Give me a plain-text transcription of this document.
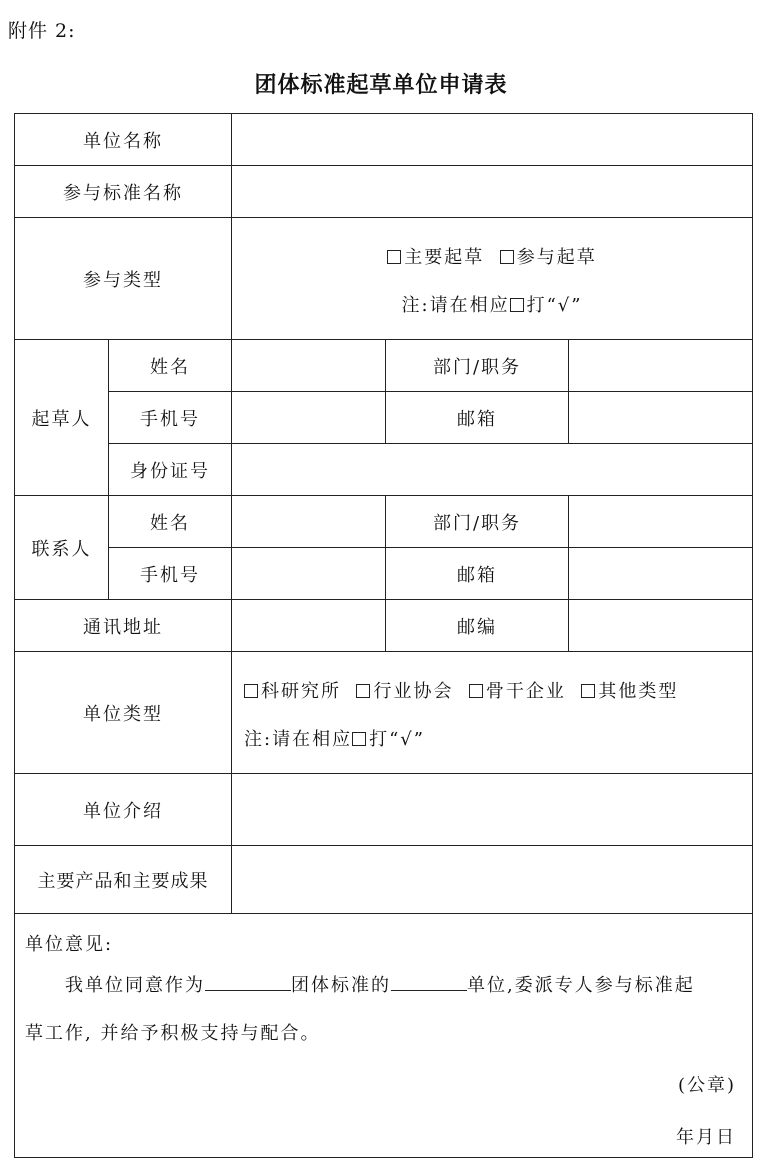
附件 2:
团体标准起草单位申请表
单位名称				
参与标准名称				
参与类型		主要起草 参与起草
注:请在相应 打“√”		

起草人	姓名		部门/职务	
	手机号		邮箱	
	身份证号			
联系人	姓名		部门/职务	
	手机号		邮箱	
通讯地址			邮编	
单位类型		科研究所 行业协会 骨干企业 其他类型
注:请在相应 打“√”		

单位介绍				
主要产品和主要成果				

单位意见:
我单位同意作为 团体标准的 单位,委派专人参与标准起
草工作, 并给予积极支持与配合。
(公章)
年月日				
